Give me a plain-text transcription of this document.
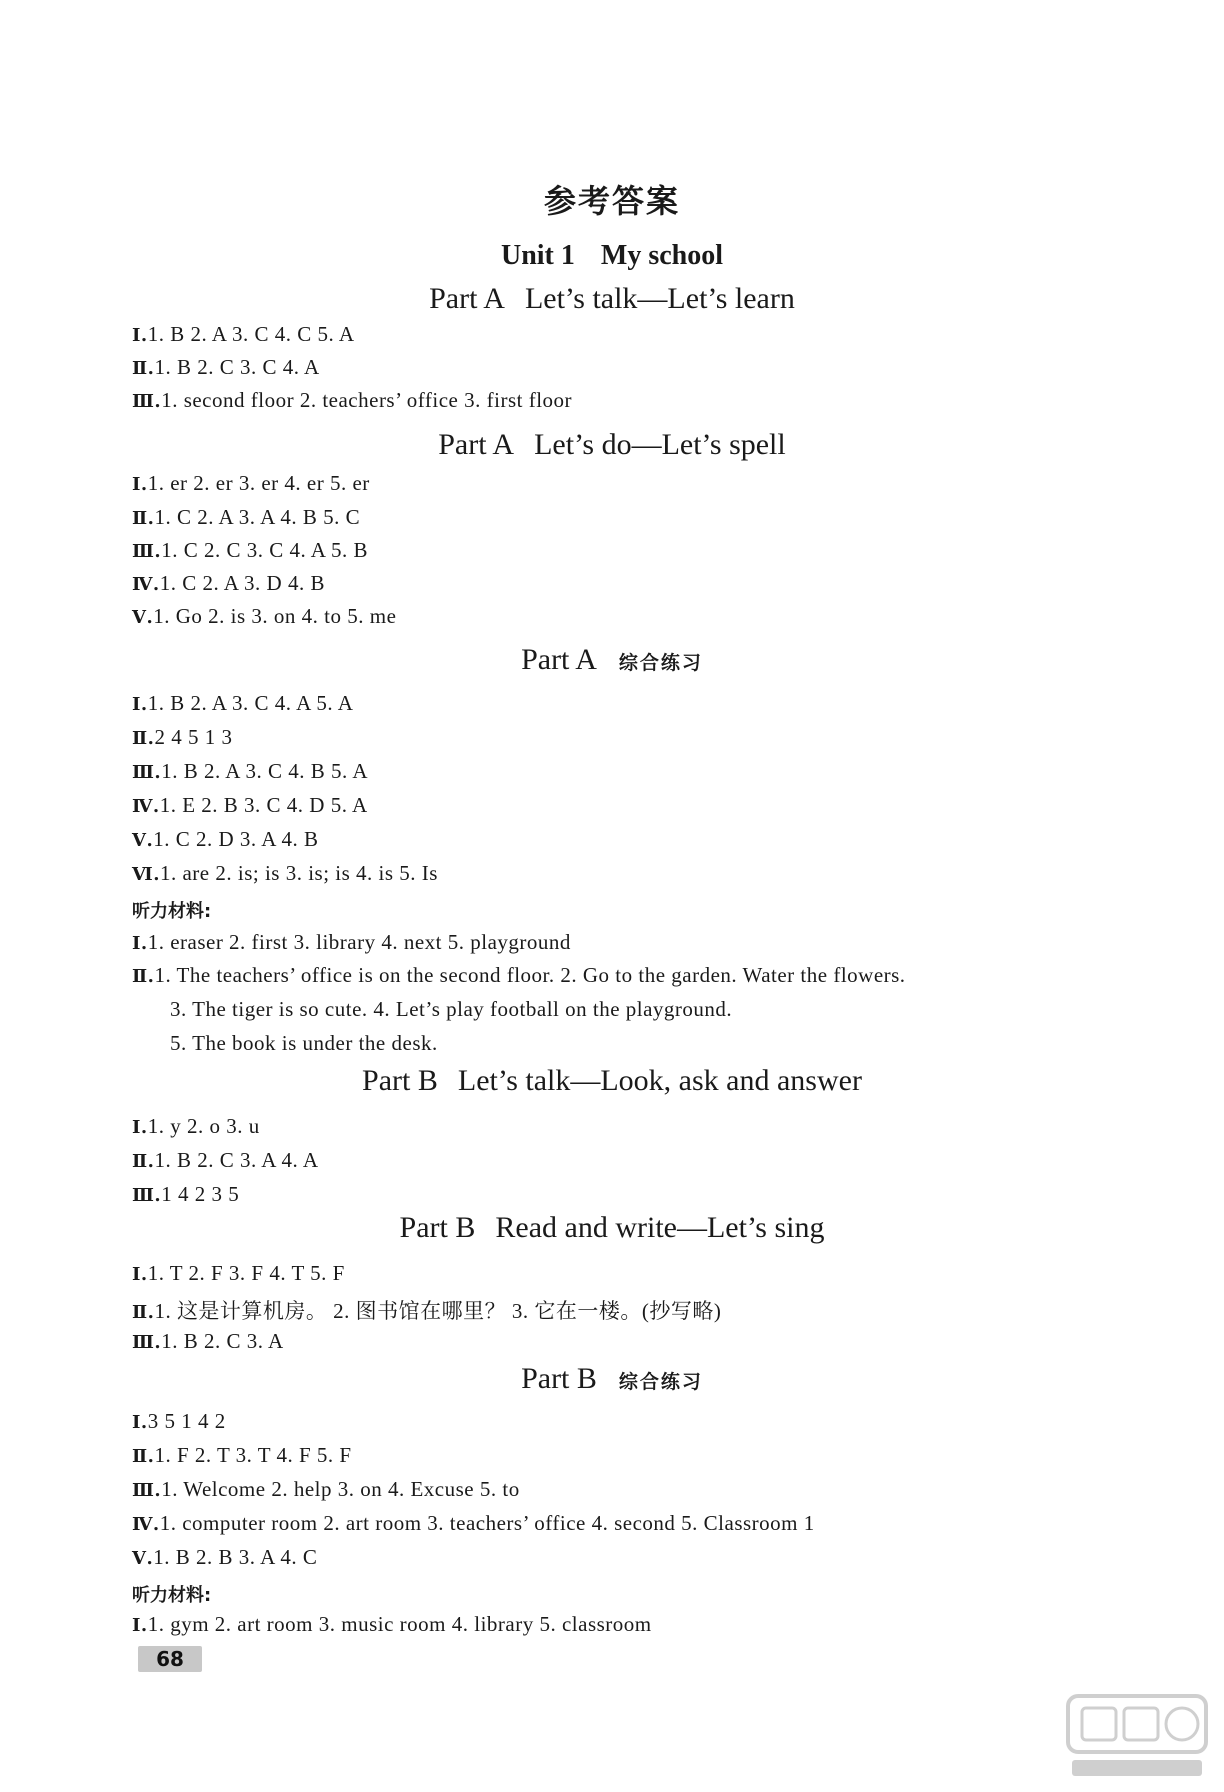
参考答案
Unit 1 My school
Part A Let’s talk—Let’s learn
Ⅰ.1. B 2. A 3. C 4. C 5. A
Ⅱ.1. B 2. C 3. C 4. A
Ⅲ.1. second floor 2. teachers’ office 3. first floor
Part A Let’s do—Let’s spell
Ⅰ.1. er 2. er 3. er 4. er 5. er
Ⅱ.1. C 2. A 3. A 4. B 5. C
Ⅲ.1. C 2. C 3. C 4. A 5. B
Ⅳ.1. C 2. A 3. D 4. B
Ⅴ.1. Go 2. is 3. on 4. to 5. me
Part A 综合练习
Ⅰ.1. B 2. A 3. C 4. A 5. A
Ⅱ.2 4 5 1 3
Ⅲ.1. B 2. A 3. C 4. B 5. A
Ⅳ.1. E 2. B 3. C 4. D 5. A
Ⅴ.1. C 2. D 3. A 4. B
Ⅵ.1. are 2. is; is 3. is; is 4. is 5. Is
听力材料:
Ⅰ.1. eraser 2. first 3. library 4. next 5. playground
Ⅱ.1. The teachers’ office is on the second floor. 2. Go to the garden. Water the flowers.
3. The tiger is so cute. 4. Let’s play football on the playground.
5. The book is under the desk.
Part B Let’s talk—Look, ask and answer
Ⅰ.1. y 2. o 3. u
Ⅱ.1. B 2. C 3. A 4. A
Ⅲ.1 4 2 3 5
Part B Read and write—Let’s sing
Ⅰ.1. T 2. F 3. F 4. T 5. F
Ⅱ.1. 这是计算机房。 2. 图书馆在哪里？ 3. 它在一楼。(抄写略)
Ⅲ.1. B 2. C 3. A
Part B 综合练习
Ⅰ.3 5 1 4 2
Ⅱ.1. F 2. T 3. T 4. F 5. F
Ⅲ.1. Welcome 2. help 3. on 4. Excuse 5. to
Ⅳ.1. computer room 2. art room 3. teachers’ office 4. second 5. Classroom 1
Ⅴ.1. B 2. B 3. A 4. C
听力材料:
Ⅰ.1. gym 2. art room 3. music room 4. library 5. classroom
68
